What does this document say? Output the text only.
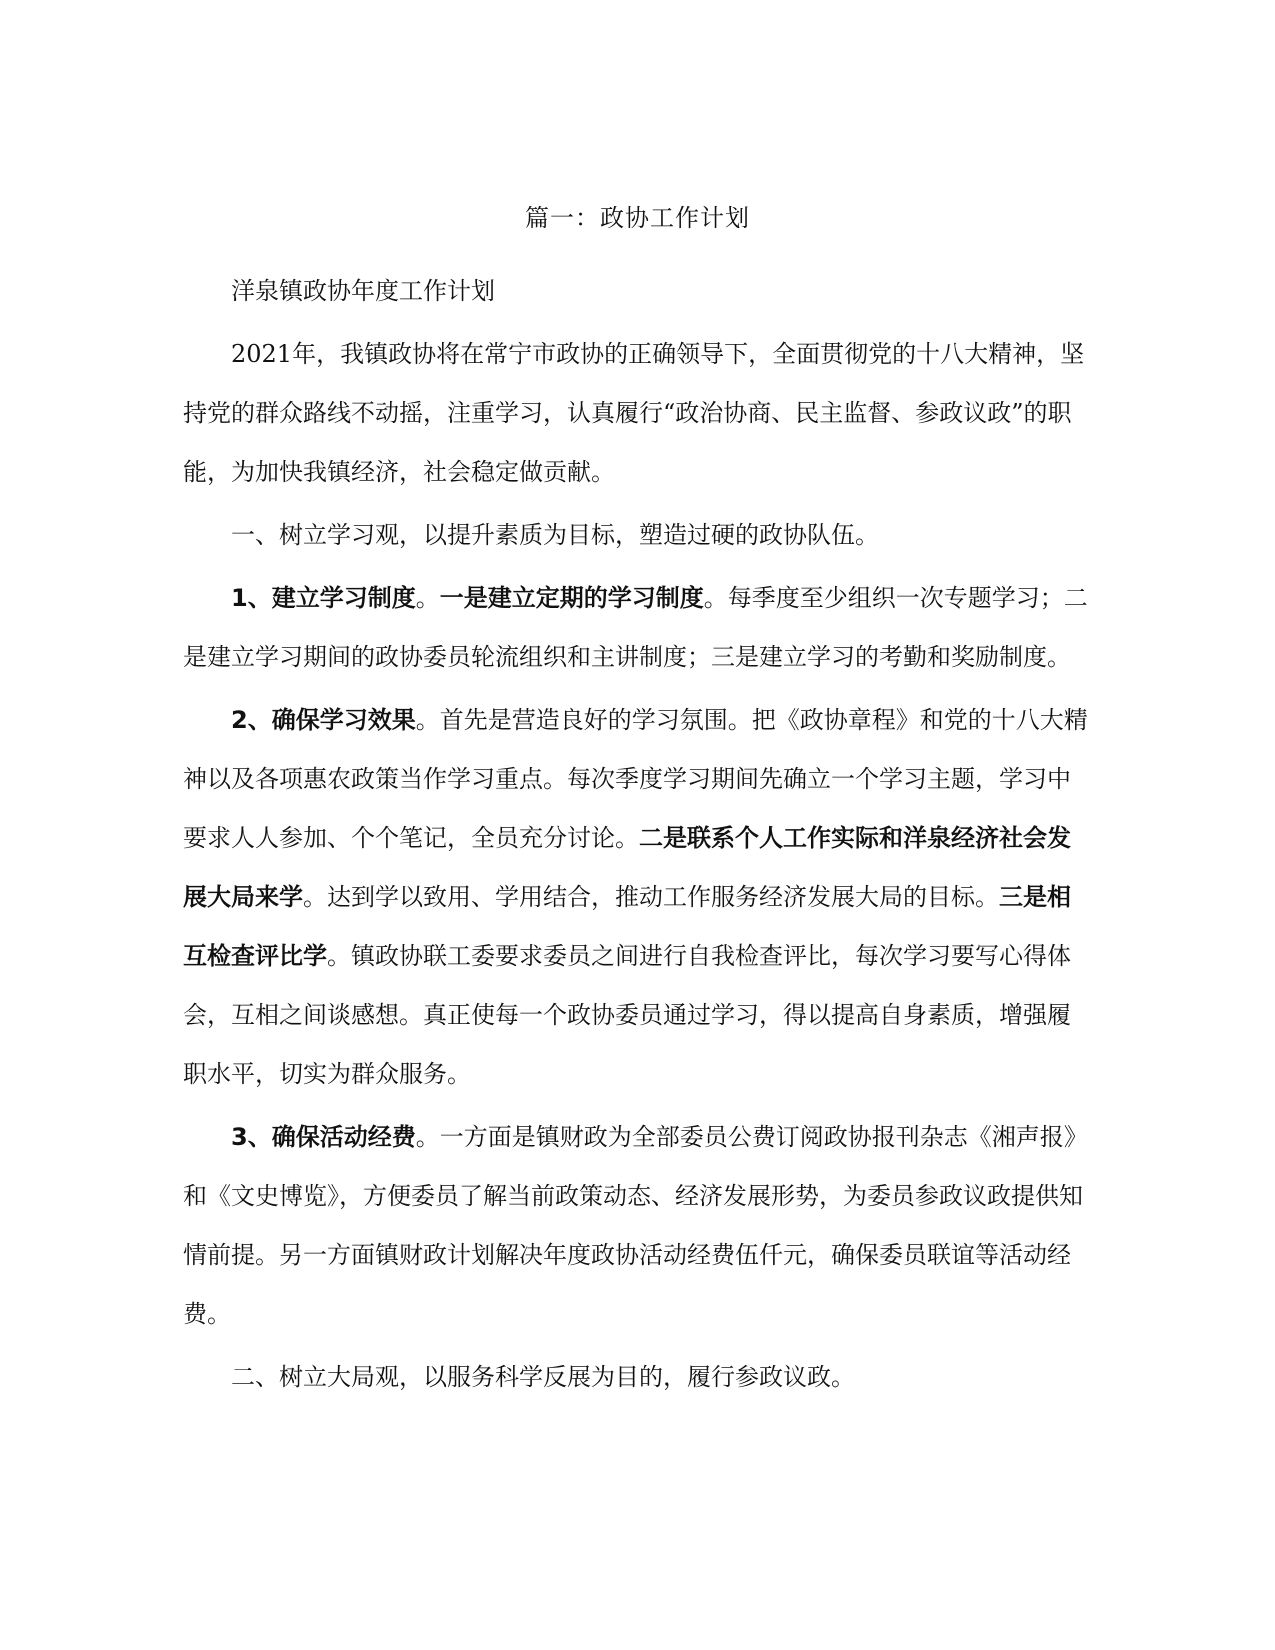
篇一：政协工作计划

洋泉镇政协年度工作计划

2021年，我镇政协将在常宁市政协的正确领导下，全面贯彻党的十八大精神，坚持党的群众路线不动摇，注重学习，认真履行“政治协商、民主监督、参政议政”的职能，为加快我镇经济，社会稳定做贡献。

一、树立学习观，以提升素质为目标，塑造过硬的政协队伍。

1、建立学习制度。一是建立定期的学习制度。每季度至少组织一次专题学习；二是建立学习期间的政协委员轮流组织和主讲制度；三是建立学习的考勤和奖励制度。

2、确保学习效果。首先是营造良好的学习氛围。把《政协章程》和党的十八大精神以及各项惠农政策当作学习重点。每次季度学习期间先确立一个学习主题，学习中要求人人参加、个个笔记，全员充分讨论。二是联系个人工作实际和洋泉经济社会发展大局来学。达到学以致用、学用结合，推动工作服务经济发展大局的目标。三是相互检查评比学。镇政协联工委要求委员之间进行自我检查评比，每次学习要写心得体会，互相之间谈感想。真正使每一个政协委员通过学习，得以提高自身素质，增强履职水平，切实为群众服务。

3、确保活动经费。一方面是镇财政为全部委员公费订阅政协报刊杂志《湘声报》和《文史博览》，方便委员了解当前政策动态、经济发展形势，为委员参政议政提供知情前提。另一方面镇财政计划解决年度政协活动经费伍仟元，确保委员联谊等活动经费。

二、树立大局观，以服务科学反展为目的，履行参政议政。
